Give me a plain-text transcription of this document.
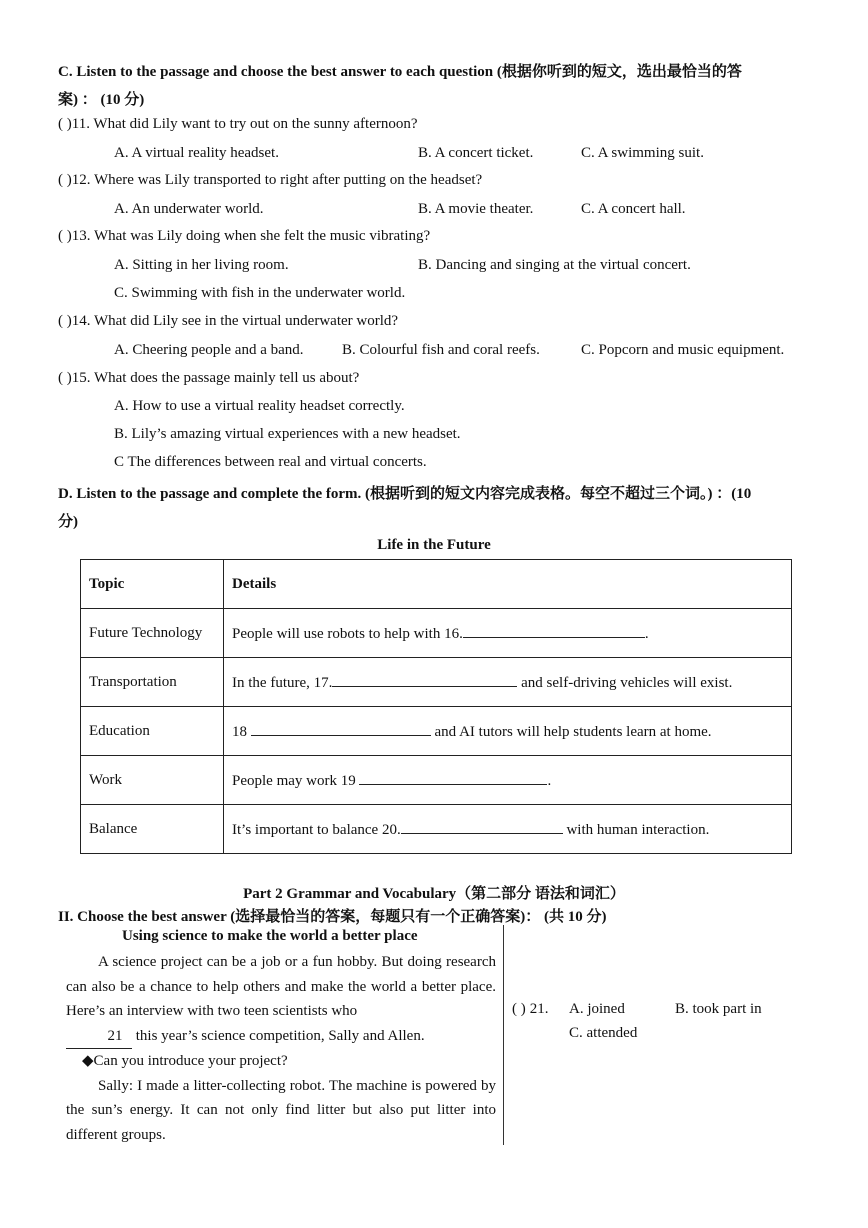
C. Listen to the passage and choose the best answer to each question (根据你听到的短文，选出最恰当的答
案) ： (10 分)
( )11. What did Lily want to try out on the sunny afternoon?
A. A virtual reality headset.	B. A concert ticket.	C. A swimming suit.
( )12. Where was Lily transported to right after putting on the headset?
A. An underwater world.	B. A movie theater.	C. A concert hall.
( )13. What was Lily doing when she felt the music vibrating?
A. Sitting in her living room.	B. Dancing and singing at the virtual concert.
C. Swimming with fish in the underwater world.
( )14. What did Lily see in the virtual underwater world?
A. Cheering people and a band.	B. Colourful fish and coral reefs.	C. Popcorn and music equipment.
( )15. What does the passage mainly tell us about?
A. How to use a virtual reality headset correctly.
B. Lily’s amazing virtual experiences with a new headset.
C The differences between real and virtual concerts.
D. Listen to the passage and complete the form. (根据听到的短文内容完成表格。每空不超过三个词。) ：(10
分)
Life in the Future
Topic	Details
Future Technology	People will use robots to help with 16. .
Transportation	In the future, 17. and self-driving vehicles will exist.
Education	18 and AI tutors will help students learn at home.
Work	People may work 19 .
Balance	It’s important to balance 20. with human interaction.
Part 2 Grammar and Vocabulary（第二部分 语法和词汇）
II. Choose the best answer (选择最恰当的答案，每题只有一个正确答案)： (共 10 分)
Using science to make the world a better place

A science project can be a job or a fun hobby. But doing research can also be a chance to help others and make the world a better place. Here’s an interview with two teen scientists who
21 this year’s science competition, Sally and Allen.

◆Can you introduce your project?

Sally: I made a litter-collecting robot. The machine is powered by the sun’s energy. It can not only find litter but also put litter into different groups.

( ) 21. A. joined	B. took part in
C. attended
